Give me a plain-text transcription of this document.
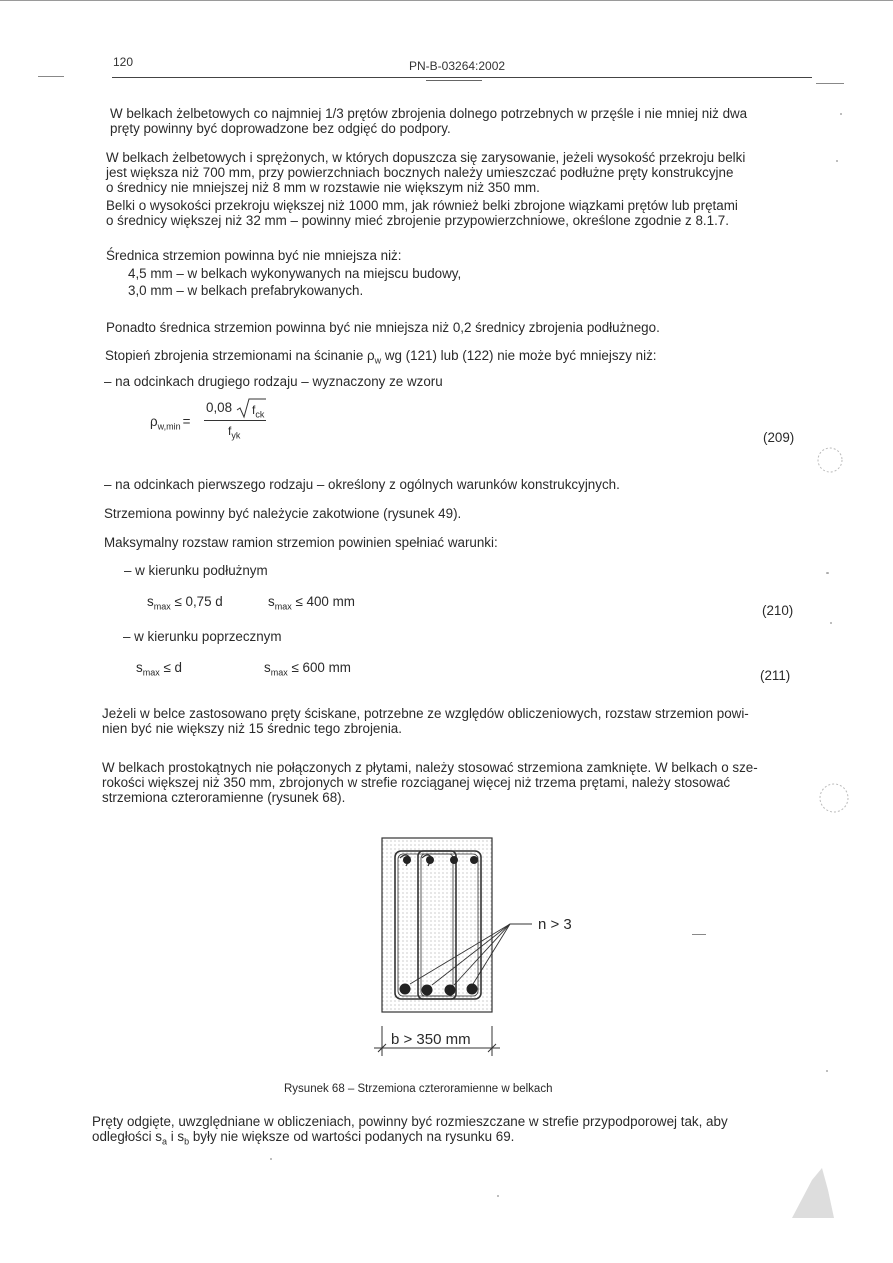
120	PN-B-03264:2002
W belkach żelbetowych co najmniej 1/3 prętów zbrojenia dolnego potrzebnych w przęśle i nie mniej niż dwa
pręty powinny być doprowadzone bez odgięć do podpory.
W belkach żelbetowych i sprężonych, w których dopuszcza się zarysowanie, jeżeli wysokość przekroju belki
jest większa niż 700 mm, przy powierzchniach bocznych należy umieszczać podłużne pręty konstrukcyjne
o średnicy nie mniejszej niż 8 mm w rozstawie nie większym niż 350 mm.
Belki o wysokości przekroju większej niż 1000 mm, jak również belki zbrojone wiązkami prętów lub prętami
o średnicy większej niż 32 mm – powinny mieć zbrojenie przypowierzchniowe, określone zgodnie z 8.1.7.
Średnica strzemion powinna być nie mniejsza niż:
4,5 mm – w belkach wykonywanych na miejscu budowy,
3,0 mm – w belkach prefabrykowanych.
Ponadto średnica strzemion powinna być nie mniejsza niż 0,2 średnicy zbrojenia podłużnego.
Stopień zbrojenia strzemionami na ścinanie $\rho_w$ wg (121) lub (122) nie może być mniejszy niż:
– na odcinkach drugiego rodzaju – wyznaczony ze wzoru
$\rho_{w,min}$ =
0,08 $f_{ck}$
$f_{yk}$	(209)
– na odcinkach pierwszego rodzaju – określony z ogólnych warunków konstrukcyjnych.
Strzemiona powinny być należycie zakotwione (rysunek 49).
Maksymalny rozstaw ramion strzemion powinien spełniać warunki:
– w kierunku podłużnym
$s_{max} \le 0,75$ d	$s_{max} \le 400$ mm
(210)
– w kierunku poprzecznym
$s_{max} \le d$	$s_{max} \le 600$ mm
(211)
Jeżeli w belce zastosowano pręty ściskane, potrzebne ze względów obliczeniowych, rozstaw strzemion powi-
nien być nie większy niż 15 średnic tego zbrojenia.
W belkach prostokątnych nie połączonych z płytami, należy stosować strzemiona zamknięte. W belkach o sze-
rokości większej niż 350 mm, zbrojonych w strefie rozciąganej więcej niż trzema prętami, należy stosować
strzemiona czteroramienne (rysunek 68).
n > 3
b > 350 mm
Rysunek 68 – Strzemiona czteroramienne w belkach
Pręty odgięte, uwzględniane w obliczeniach, powinny być rozmieszczane w strefie przypodporowej tak, aby
odległości $s_a$ i $s_b$ były nie większe od wartości podanych na rysunku 69.
